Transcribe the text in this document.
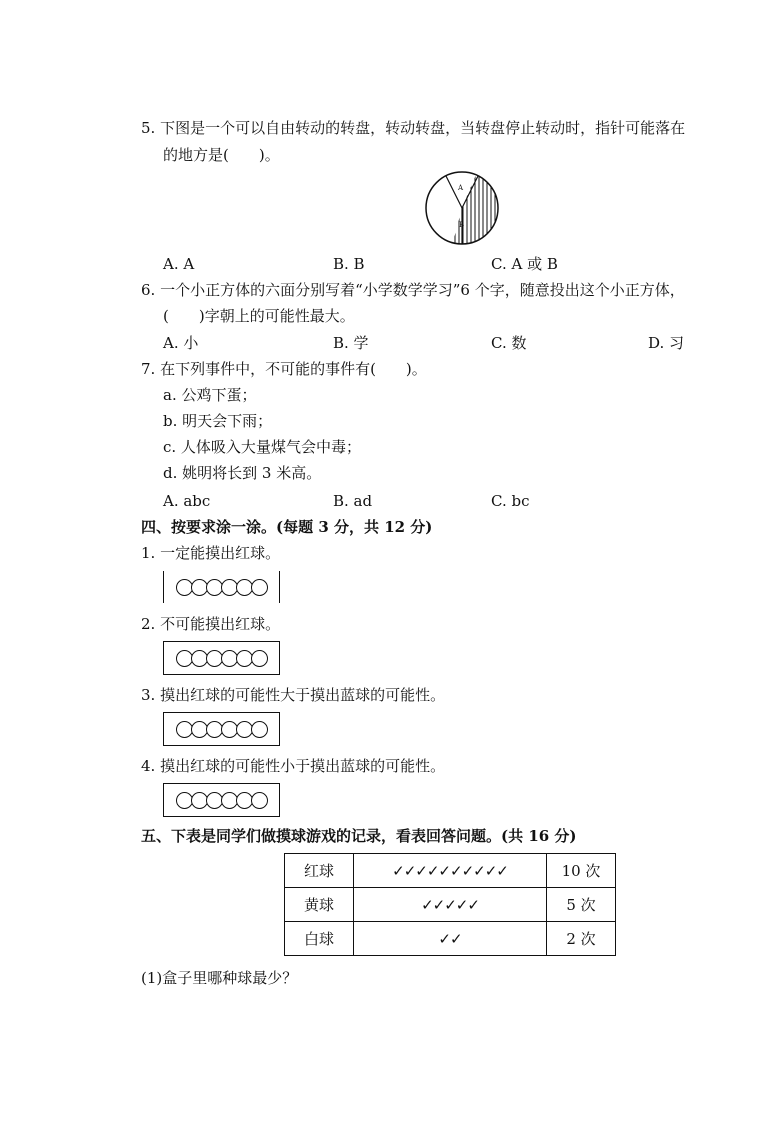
5. 下图是一个可以自由转动的转盘，转动转盘，当转盘停止转动时，指针可能落在
的地方是(　　)。
A
B
A. A	B. B	C. A 或 B
6. 一个小正方体的六面分别写着“小学数学学习”6 个字，随意投出这个小正方体，
(　　)字朝上的可能性最大。
A. 小	B. 学	C. 数	D. 习
7. 在下列事件中，不可能的事件有(　　)。
a. 公鸡下蛋；
b. 明天会下雨；
c. 人体吸入大量煤气会中毒；
d. 姚明将长到 3 米高。
A. abc	B. ad	C. bc
四、按要求涂一涂。(每题 3 分，共 12 分)
1. 一定能摸出红球。
2. 不可能摸出红球。
3. 摸出红球的可能性大于摸出蓝球的可能性。
4. 摸出红球的可能性小于摸出蓝球的可能性。
五、下表是同学们做摸球游戏的记录，看表回答问题。(共 16 分)
红球	✓✓✓✓✓✓✓✓✓✓	10 次
黄球	✓✓✓✓✓	5 次
白球	✓✓	2 次
(1)盒子里哪种球最少？
